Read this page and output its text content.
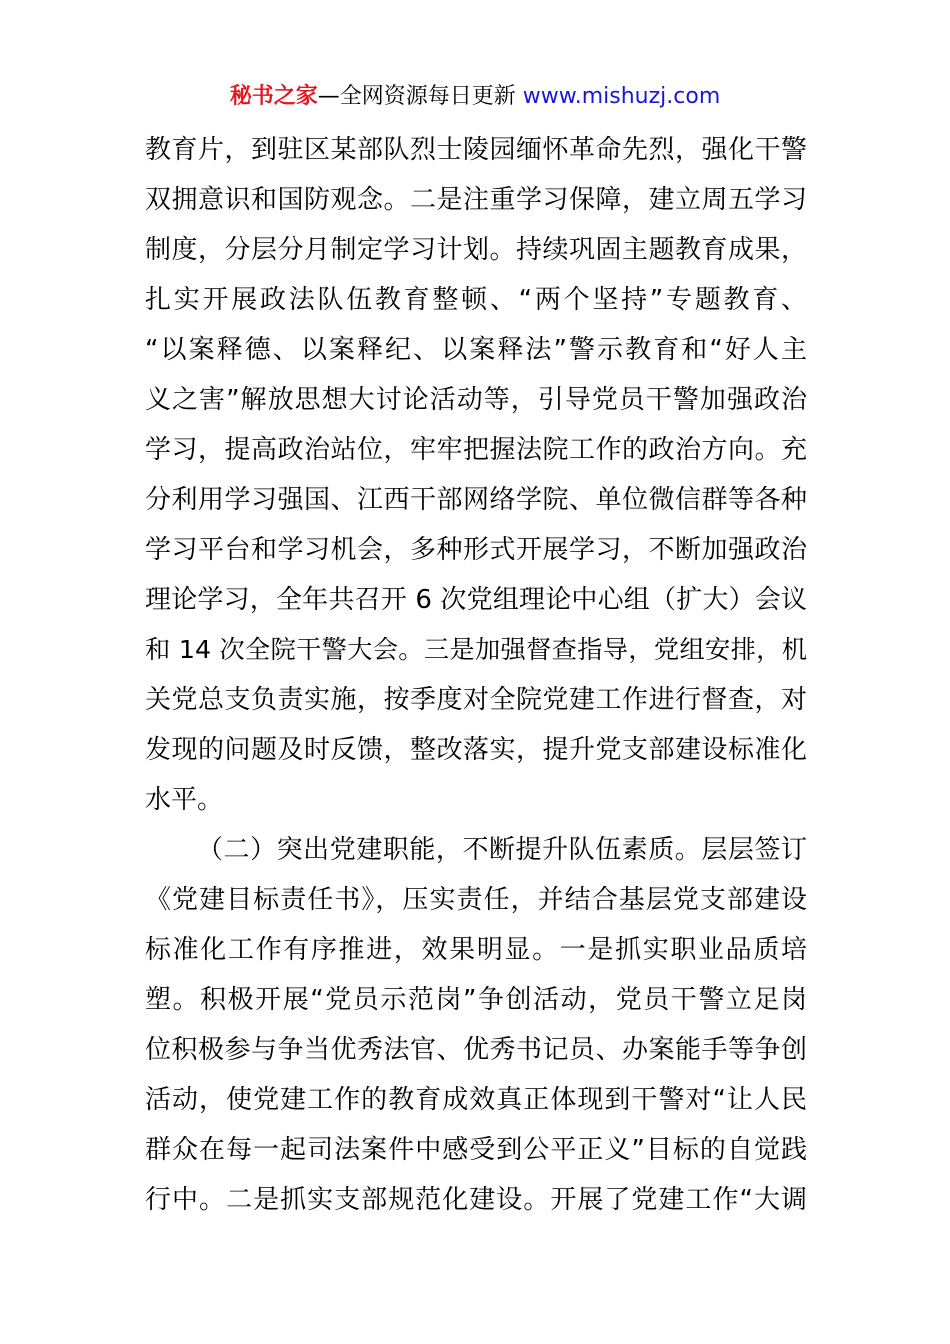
秘书之家—全网资源每日更新 www.mishuzj.com
教育片，到驻区某部队烈士陵园缅怀革命先烈，强化干警
双拥意识和国防观念。二是注重学习保障，建立周五学习
制度，分层分月制定学习计划。持续巩固主题教育成果，
扎实开展政法队伍教育整顿、“两个坚持”专题教育、
“以案释德、以案释纪、以案释法”警示教育和“好人主
义之害”解放思想大讨论活动等，引导党员干警加强政治
学习，提高政治站位，牢牢把握法院工作的政治方向。充
分利用学习强国、江西干部网络学院、单位微信群等各种
学习平台和学习机会，多种形式开展学习，不断加强政治
理论学习，全年共召开 6 次党组理论中心组（扩大）会议
和 14 次全院干警大会。三是加强督查指导，党组安排，机
关党总支负责实施，按季度对全院党建工作进行督查，对
发现的问题及时反馈，整改落实，提升党支部建设标准化
水平。
（二）突出党建职能，不断提升队伍素质。层层签订
《党建目标责任书》，压实责任，并结合基层党支部建设
标准化工作有序推进，效果明显。一是抓实职业品质培
塑。积极开展“党员示范岗”争创活动，党员干警立足岗
位积极参与争当优秀法官、优秀书记员、办案能手等争创
活动，使党建工作的教育成效真正体现到干警对“让人民
群众在每一起司法案件中感受到公平正义”目标的自觉践
行中。二是抓实支部规范化建设。开展了党建工作“大调
